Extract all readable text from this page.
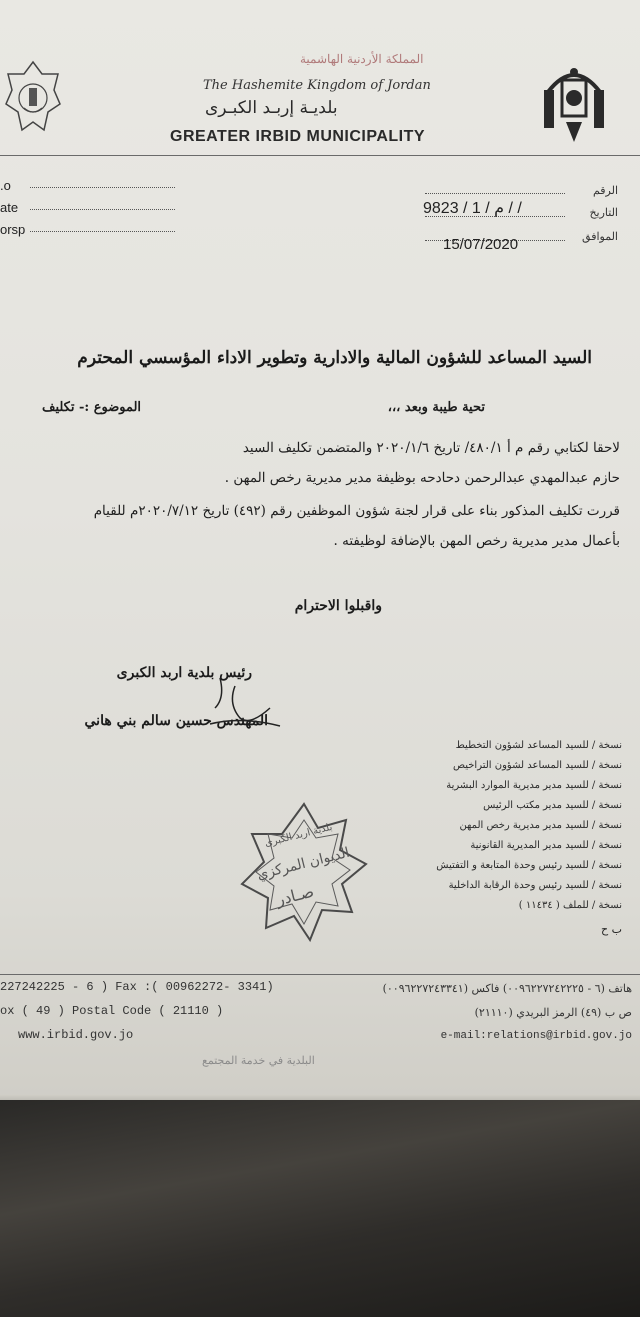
المملكة الأردنية الهاشمية
The Hashemite Kingdom of Jordan
بلديـة إربـد الكبـرى
GREATER IRBID MUNICIPALITY
.o
ate
orsp
الرقم
التاريخ
الموافق
9823 / 1 / م / /
15/07/2020
السيد المساعد للشؤون المالية والادارية وتطوير الاداء المؤسسي المحترم
تحية طيبة وبعد ،،،
الموضوع :- تكليف
لاحقا لكتابي رقم م أ ٤٨٠/١/ تاريخ ٢٠٢٠/١/٦ والمتضمن تكليف السيد
حازم عبدالمهدي عبدالرحمن دحادحه بوظيفة مدير مديرية رخص المهن .
قررت تكليف المذكور بناء على قرار لجنة شؤون الموظفين رقم (٤٩٢) تاريخ ٢٠٢٠/٧/١٢م للقيام
بأعمال مدير مديرية رخص المهن بالإضافة لوظيفته .
واقبلوا الاحترام
رئيس بلدية اربد الكبرى
المهندس حسين سالم بني هاني
نسخة / للسيد المساعد لشؤون التخطيط
نسخة / للسيد المساعد لشؤون التراخيص
نسخة / للسيد مدير مديرية الموارد البشرية
نسخة / للسيد مدير مكتب الرئيس
نسخة / للسيد مدير مديرية رخص المهن
نسخة / للسيد مدير المديرية القانونية
نسخة / للسيد رئيس وحدة المتابعة و التفتيش
نسخة / للسيد رئيس وحدة الرقابة الداخلية
نسخة / للملف ( ١١٤٣٤ )
ب ح
بلدية اربد الكبرى
الديوان المركزي
صـادر
227242225 - 6 ) Fax :( 00962272- 3341)
ox ( 49 ) Postal Code ( 21110 )
www.irbid.gov.jo
هاتف (٦ - ٠٠٩٦٢٢٧٢٤٢٢٢٥) فاكس (٠٠٩٦٢٢٧٢٤٣٣٤١)
ص ب (٤٩) الرمز البريدي (٢١١١٠)
e-mail:relations@irbid.gov.jo
البلدية في خدمة المجتمع
